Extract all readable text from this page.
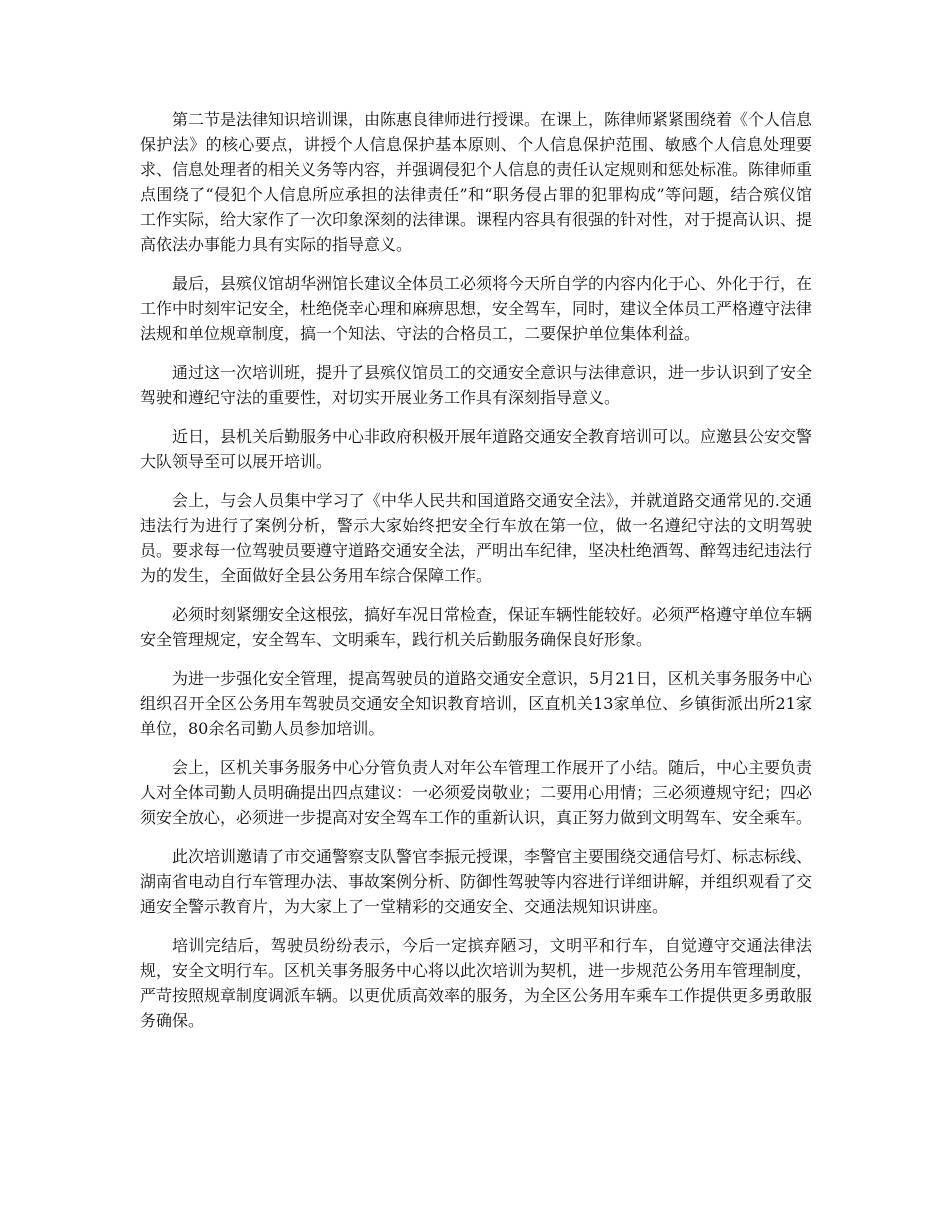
第二节是法律知识培训课，由陈惠良律师进行授课。在课上，陈律师紧紧围绕着《个人信息保护法》的核心要点，讲授个人信息保护基本原则、个人信息保护范围、敏感个人信息处理要求、信息处理者的相关义务等内容，并强调侵犯个人信息的责任认定规则和惩处标准。陈律师重点围绕了“侵犯个人信息所应承担的法律责任”和“职务侵占罪的犯罪构成”等问题，结合殡仪馆工作实际，给大家作了一次印象深刻的法律课。课程内容具有很强的针对性，对于提高认识、提高依法办事能力具有实际的指导意义。

最后，县殡仪馆胡华洲馆长建议全体员工必须将今天所自学的内容内化于心、外化于行，在工作中时刻牢记安全，杜绝侥幸心理和麻痹思想，安全驾车，同时，建议全体员工严格遵守法律法规和单位规章制度，搞一个知法、守法的合格员工，二要保护单位集体利益。

通过这一次培训班，提升了县殡仪馆员工的交通安全意识与法律意识，进一步认识到了安全驾驶和遵纪守法的重要性，对切实开展业务工作具有深刻指导意义。

近日，县机关后勤服务中心非政府积极开展年道路交通安全教育培训可以。应邀县公安交警大队领导至可以展开培训。

会上，与会人员集中学习了《中华人民共和国道路交通安全法》，并就道路交通常见的.交通违法行为进行了案例分析，警示大家始终把安全行车放在第一位，做一名遵纪守法的文明驾驶员。要求每一位驾驶员要遵守道路交通安全法，严明出车纪律，坚决杜绝酒驾、醉驾违纪违法行为的发生，全面做好全县公务用车综合保障工作。

必须时刻紧绷安全这根弦，搞好车况日常检查，保证车辆性能较好。必须严格遵守单位车辆安全管理规定，安全驾车、文明乘车，践行机关后勤服务确保良好形象。

为进一步强化安全管理，提高驾驶员的道路交通安全意识，5月21日，区机关事务服务中心组织召开全区公务用车驾驶员交通安全知识教育培训，区直机关13家单位、乡镇街派出所21家单位，80余名司勤人员参加培训。

会上，区机关事务服务中心分管负责人对年公车管理工作展开了小结。随后，中心主要负责人对全体司勤人员明确提出四点建议：一必须爱岗敬业；二要用心用情；三必须遵规守纪；四必须安全放心，必须进一步提高对安全驾车工作的重新认识，真正努力做到文明驾车、安全乘车。

此次培训邀请了市交通警察支队警官李振元授课，李警官主要围绕交通信号灯、标志标线、湖南省电动自行车管理办法、事故案例分析、防御性驾驶等内容进行详细讲解，并组织观看了交通安全警示教育片，为大家上了一堂精彩的交通安全、交通法规知识讲座。

培训完结后，驾驶员纷纷表示，今后一定摈弃陋习，文明平和行车，自觉遵守交通法律法规，安全文明行车。区机关事务服务中心将以此次培训为契机，进一步规范公务用车管理制度，严苛按照规章制度调派车辆。以更优质高效率的服务，为全区公务用车乘车工作提供更多勇敢服务确保。
